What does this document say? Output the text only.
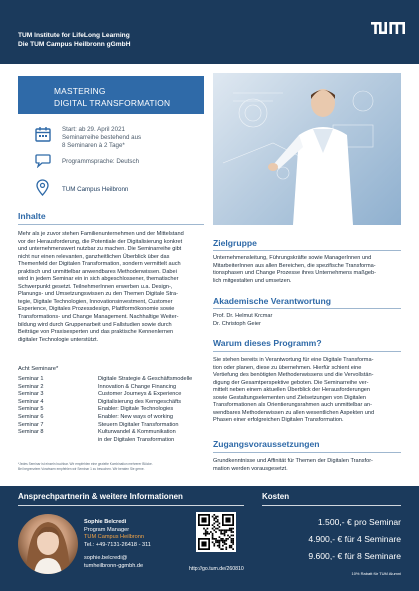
TUM Institute for LifeLong Learning
Die TUM Campus Heilbronn gGmbH
MASTERING
DIGITAL TRANSFORMATION
Start: ab 29. April 2021
Seminarreihe bestehend aus
8 Seminaren à 2 Tage*
Programmsprache: Deutsch
TUM Campus Heilbronn
Inhalte
Mehr als je zuvor stehen Familienunternehmen und der Mittelstand
vor der Herausforderung, die Potentiale der Digitalisierung konkret
und unternehmenswert nutzbar zu machen. Die Seminarreihe gibt
nicht nur einen relevanten, ganzheitlichen Überblick über das
Themenfeld der Digitalen Transformation, sondern vermittelt auch
praktisch und unmittelbar anwendbares Methodenwissen. Dabei
wird in jedem Seminar ein in sich abgeschlossener, thematischer
Schwerpunkt gesetzt. TeilnehmerInnen erwerben u.a. Design-,
Planungs- und Umsetzungswissen zu den Themen Digitale Stra-
tegie, Digitale Technologien, Innovationsinvestment, Customer
Experience, Digitales Prozessdesign, Plattformökonomie sowie
Transformations- und Change Management. Nachhaltige Weiter-
bildung wird durch Gruppenarbeit und Fallstudien sowie durch
Beiträge von Praxisexperten und das praktische Kennenlernen
digitaler Technologie unterstützt.
Acht Seminare*
Seminar 1	Digitale Strategie & Geschäftsmodelle
Seminar 2	Innovation & Change Financing
Seminar 3	Customer Journeys & Experience
Seminar 4	Digitalisierung des Kerngeschäfts
Seminar 5	Enabler: Digitale Technologies
Seminar 6	Enabler: New ways of working
Seminar 7	Steuern Digitaler Transformation
Seminar 8	Kulturwandel & Kommunikation
in der Digitalen Transformation
*Jedes Seminar ist einzeln buchbar. Wir empfehlen eine gezielte Kombination mehrerer Blöcke.
Bei begrenztem Vorwissen empfehlen wir Seminar 1 zu besuchen. Wir beraten Sie gerne.
Zielgruppe
Unternehmensleitung, Führungskräfte sowie ManagerInnen und
MitarbeiterInnen aus allen Bereichen, die spezifische Transforma-
tionsphasen und Change Prozesse ihres Unternehmens maßgeb-
lich mitgestalten und umsetzen.
Akademische Verantwortung
Prof. Dr. Helmut Krcmar
Dr. Christoph Geier
Warum dieses Programm?
Sie stehen bereits in Verantwortung für eine Digitale Transforma-
tion oder planen, diese zu übernehmen. Hierfür schient eine
Vertiefung des benötigten Methodenwissens und die Vervollstän-
digung der Gesamtperspektive geboten. Die Seminarreihe ver-
mittelt neben einem aktuellen Überblick der Herausforderungen
sowie Gestaltungselementen und Zielsetzungen von Digitalen
Transformationen als Orientierungsrahmen auch unmittelbar an-
wendbares Methodenwissen zu allen wesentlichen Aspekten und
Phasen einer erfolgreichen Digitalen Transformation.
Zugangsvoraussetzungen
Grundkenntnisse und Affinität für Themen der Digitalen Transfor-
mation werden vorausgesetzt.
Ansprechpartnerin & weitere Informationen	Kosten
Sophie Belcredi
Program Manager
TUM Campus Heilbronn
Tel.: +49-7131-26418 - 311
sophie.belcredi@
tumheilbronn-ggmbh.de
http://go.tum.de/260810
1.500,- € pro Seminar
4.900,- € für 4 Seminare
9.600,- € für 8 Seminare
10% Rabatt für TUM Alumni
